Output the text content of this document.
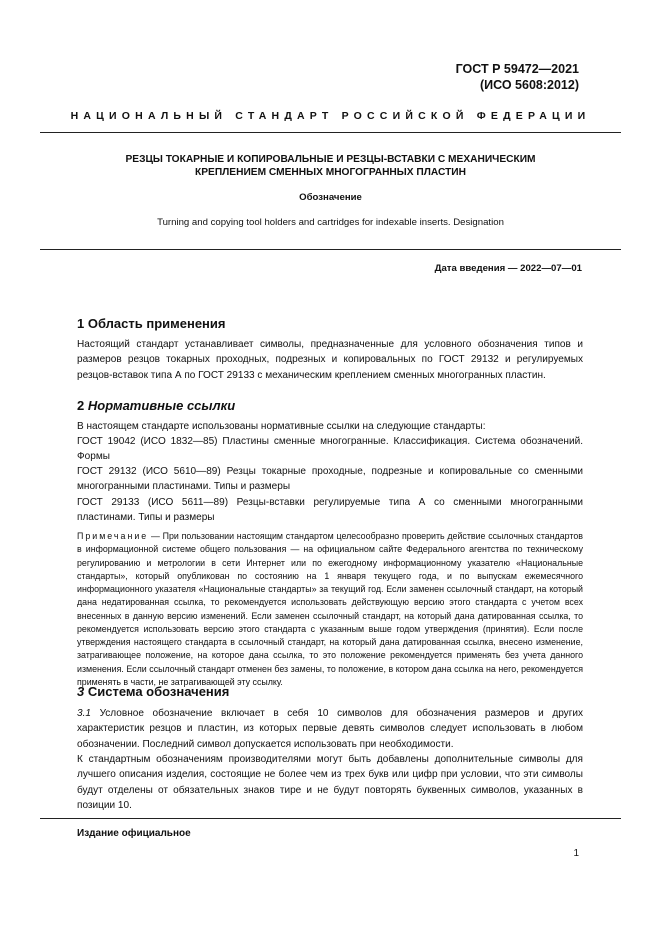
ГОСТ Р 59472—2021
(ИСО 5608:2012)
НАЦИОНАЛЬНЫЙ СТАНДАРТ РОССИЙСКОЙ ФЕДЕРАЦИИ
РЕЗЦЫ ТОКАРНЫЕ И КОПИРОВАЛЬНЫЕ И РЕЗЦЫ-ВСТАВКИ С МЕХАНИЧЕСКИМ
КРЕПЛЕНИЕМ СМЕННЫХ МНОГОГРАННЫХ ПЛАСТИН
Обозначение
Turning and copying tool holders and cartridges for indexable inserts. Designation
Дата введения — 2022—07—01
1 Область применения
Настоящий стандарт устанавливает символы, предназначенные для условного обозначения типов и размеров резцов токарных проходных, подрезных и копировальных по ГОСТ 29132 и регулируемых резцов-вставок типа А по ГОСТ 29133 с механическим креплением сменных многогранных пластин.
2 Нормативные ссылки
В настоящем стандарте использованы нормативные ссылки на следующие стандарты:
ГОСТ 19042 (ИСО 1832—85) Пластины сменные многогранные. Классификация. Система обозначений. Формы
ГОСТ 29132 (ИСО 5610—89) Резцы токарные проходные, подрезные и копировальные со сменными многогранными пластинами. Типы и размеры
ГОСТ 29133 (ИСО 5611—89) Резцы-вставки регулируемые типа А со сменными многогранными пластинами. Типы и размеры
Примечание — При пользовании настоящим стандартом целесообразно проверить действие ссылочных стандартов в информационной системе общего пользования — на официальном сайте Федерального агентства по техническому регулированию и метрологии в сети Интернет или по ежегодному информационному указателю «Национальные стандарты», который опубликован по состоянию на 1 января текущего года, и по выпускам ежемесячного информационного указателя «Национальные стандарты» за текущий год. Если заменен ссылочный стандарт, на который дана недатированная ссылка, то рекомендуется использовать действующую версию этого стандарта с учетом всех внесенных в данную версию изменений. Если заменен ссылочный стандарт, на который дана датированная ссылка, то рекомендуется использовать версию этого стандарта с указанным выше годом утверждения (принятия). Если после утверждения настоящего стандарта в ссылочный стандарт, на который дана датированная ссылка, внесено изменение, затрагивающее положение, на которое дана ссылка, то это положение рекомендуется применять без учета данного изменения. Если ссылочный стандарт отменен без замены, то положение, в котором дана ссылка на него, рекомендуется применять в части, не затрагивающей эту ссылку.
3 Система обозначения
3.1 Условное обозначение включает в себя 10 символов для обозначения размеров и других характеристик резцов и пластин, из которых первые девять символов следует использовать в любом обозначении. Последний символ допускается использовать при необходимости.
К стандартным обозначениям производителями могут быть добавлены дополнительные символы для лучшего описания изделия, состоящие не более чем из трех букв или цифр при условии, что эти символы будут отделены от обязательных знаков тире и не будут повторять буквенных символов, указанных в позиции 10.
Издание официальное
1
